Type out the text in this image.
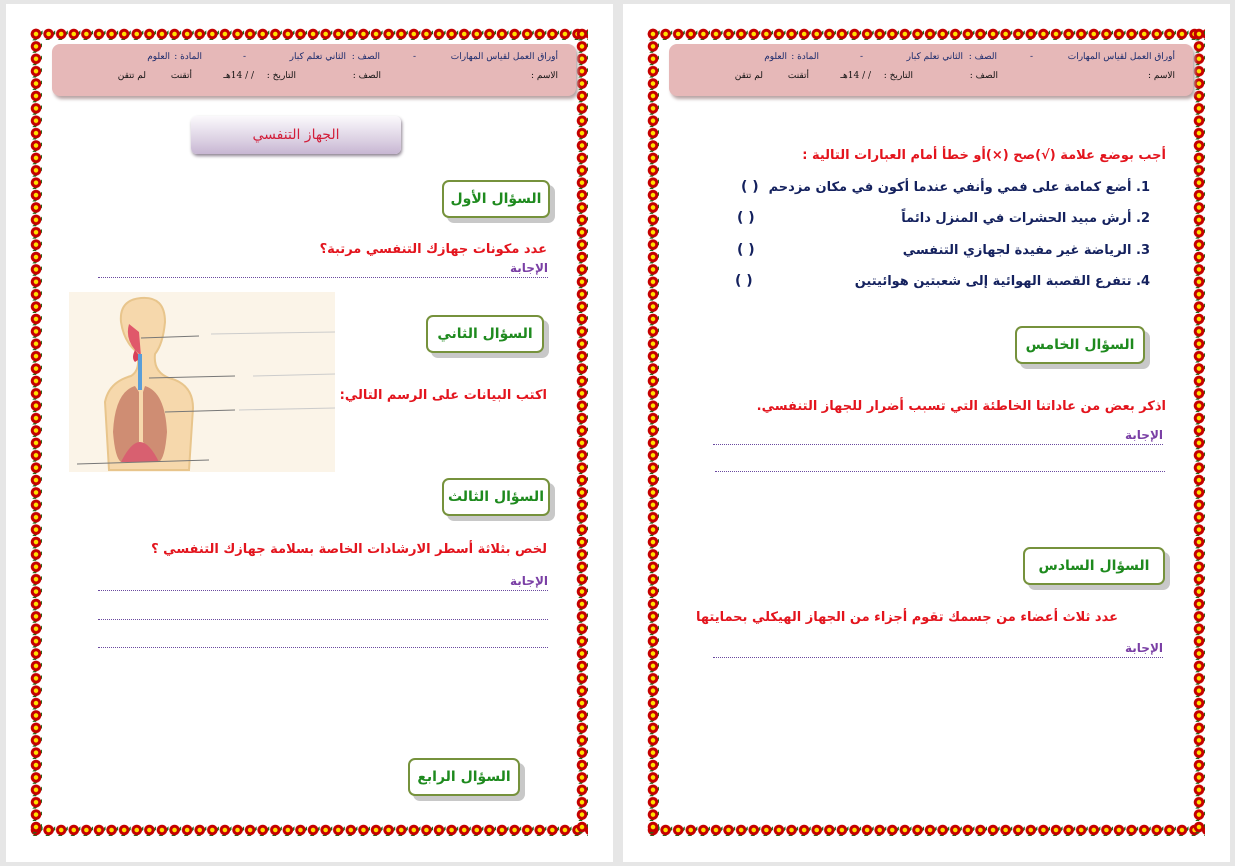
أوراق العمل لقياس المهارات
-
الصف :
الثاني تعلم كبار
-
المادة :
العلوم
الاسم :
الصف :
التاريخ :
/ / 14هـ
أتقنت
لم تتقن
الجهاز التنفسي
السؤال الأول
عدد مكونات جهازك التنفسي مرتبة؟
الإجابة
السؤال الثاني
اكتب البيانات على الرسم التالي:
السؤال الثالث
لخص بثلاثة أسطر الارشادات الخاصة بسلامة جهازك التنفسي ؟
الإجابة
السؤال الرابع
أوراق العمل لقياس المهارات
-
الصف :
الثاني تعلم كبار
-
المادة :
العلوم
الاسم :
الصف :
التاريخ :
/ / 14هـ
أتقنت
لم تتقن
أجب بوضع علامة (√)صح (×)أو خطأ أمام العبارات التالية :
1. أضع كمامة على فمي وأنفي عندما أكون في مكان مزدحم
( )
2. أرش مبيد الحشرات في المنزل دائماً
( )
3. الرياضة غير مفيدة لجهازي التنفسي
( )
4. تتفرع القصبة الهوائية إلى شعبتين هوائيتين
( )
السؤال الخامس
اذكر بعض من عاداتنا الخاطئة التي تسبب أضرار للجهاز التنفسي.
الإجابة
السؤال السادس
عدد ثلاث أعضاء من جسمك تقوم أجزاء من الجهاز الهيكلي بحمايتها
الإجابة
